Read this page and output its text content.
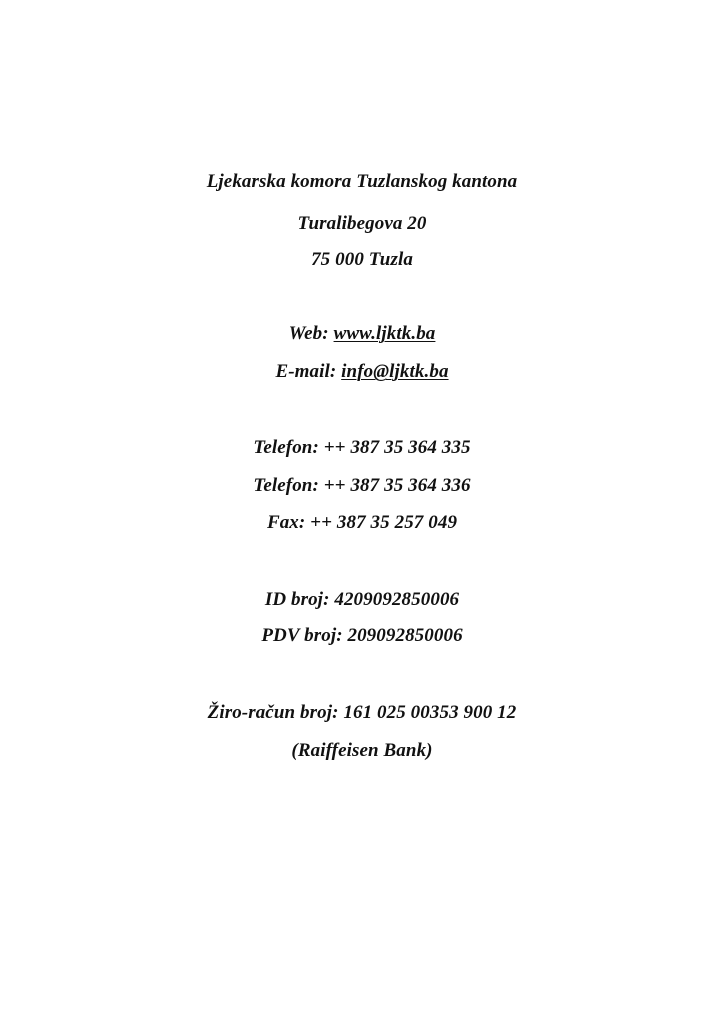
Ljekarska komora Tuzlanskog kantona
Turalibegova 20
75 000 Tuzla
Web: www.ljktk.ba
E-mail: info@ljktk.ba
Telefon: ++ 387 35 364 335
Telefon: ++ 387 35 364 336
Fax: ++ 387 35 257 049
ID broj: 4209092850006
PDV broj: 209092850006
Žiro-račun broj: 161 025 00353 900 12
(Raiffeisen Bank)
